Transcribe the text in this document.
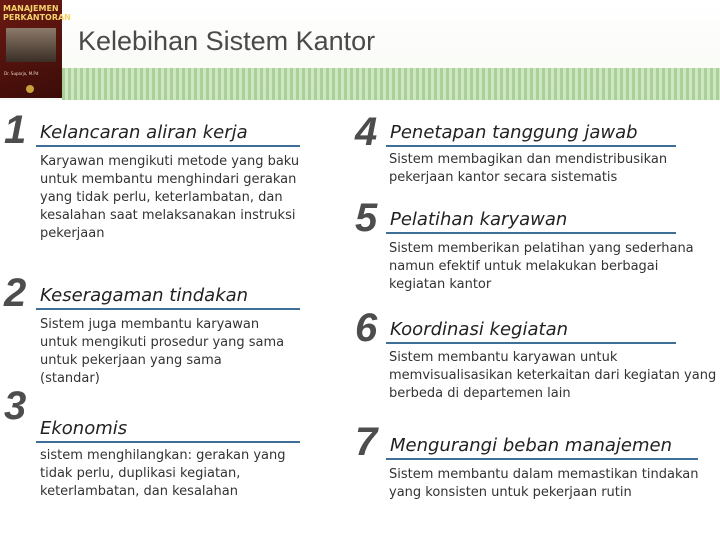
MANAJEMEN PERKANTORAN
Dr. Suparjo, M.Pd
Kelebihan Sistem Kantor
1 Kelancaran aliran kerja
Karyawan mengikuti metode yang baku untuk membantu menghindari gerakan yang tidak perlu, keterlambatan, dan kesalahan saat melaksanakan instruksi pekerjaan
2 Keseragaman tindakan
Sistem juga membantu karyawan untuk mengikuti prosedur yang sama untuk pekerjaan yang sama (standar)
3
Ekonomis
sistem menghilangkan: gerakan yang tidak perlu, duplikasi kegiatan, keterlambatan, dan kesalahan
4 Penetapan tanggung jawab
Sistem membagikan dan mendistribusikan pekerjaan kantor secara sistematis
5 Pelatihan karyawan
Sistem memberikan pelatihan yang sederhana namun efektif untuk melakukan berbagai kegiatan kantor
6 Koordinasi kegiatan
Sistem membantu karyawan untuk memvisualisasikan keterkaitan dari kegiatan yang berbeda di departemen lain
7 Mengurangi beban manajemen
Sistem membantu dalam memastikan tindakan yang konsisten untuk pekerjaan rutin
